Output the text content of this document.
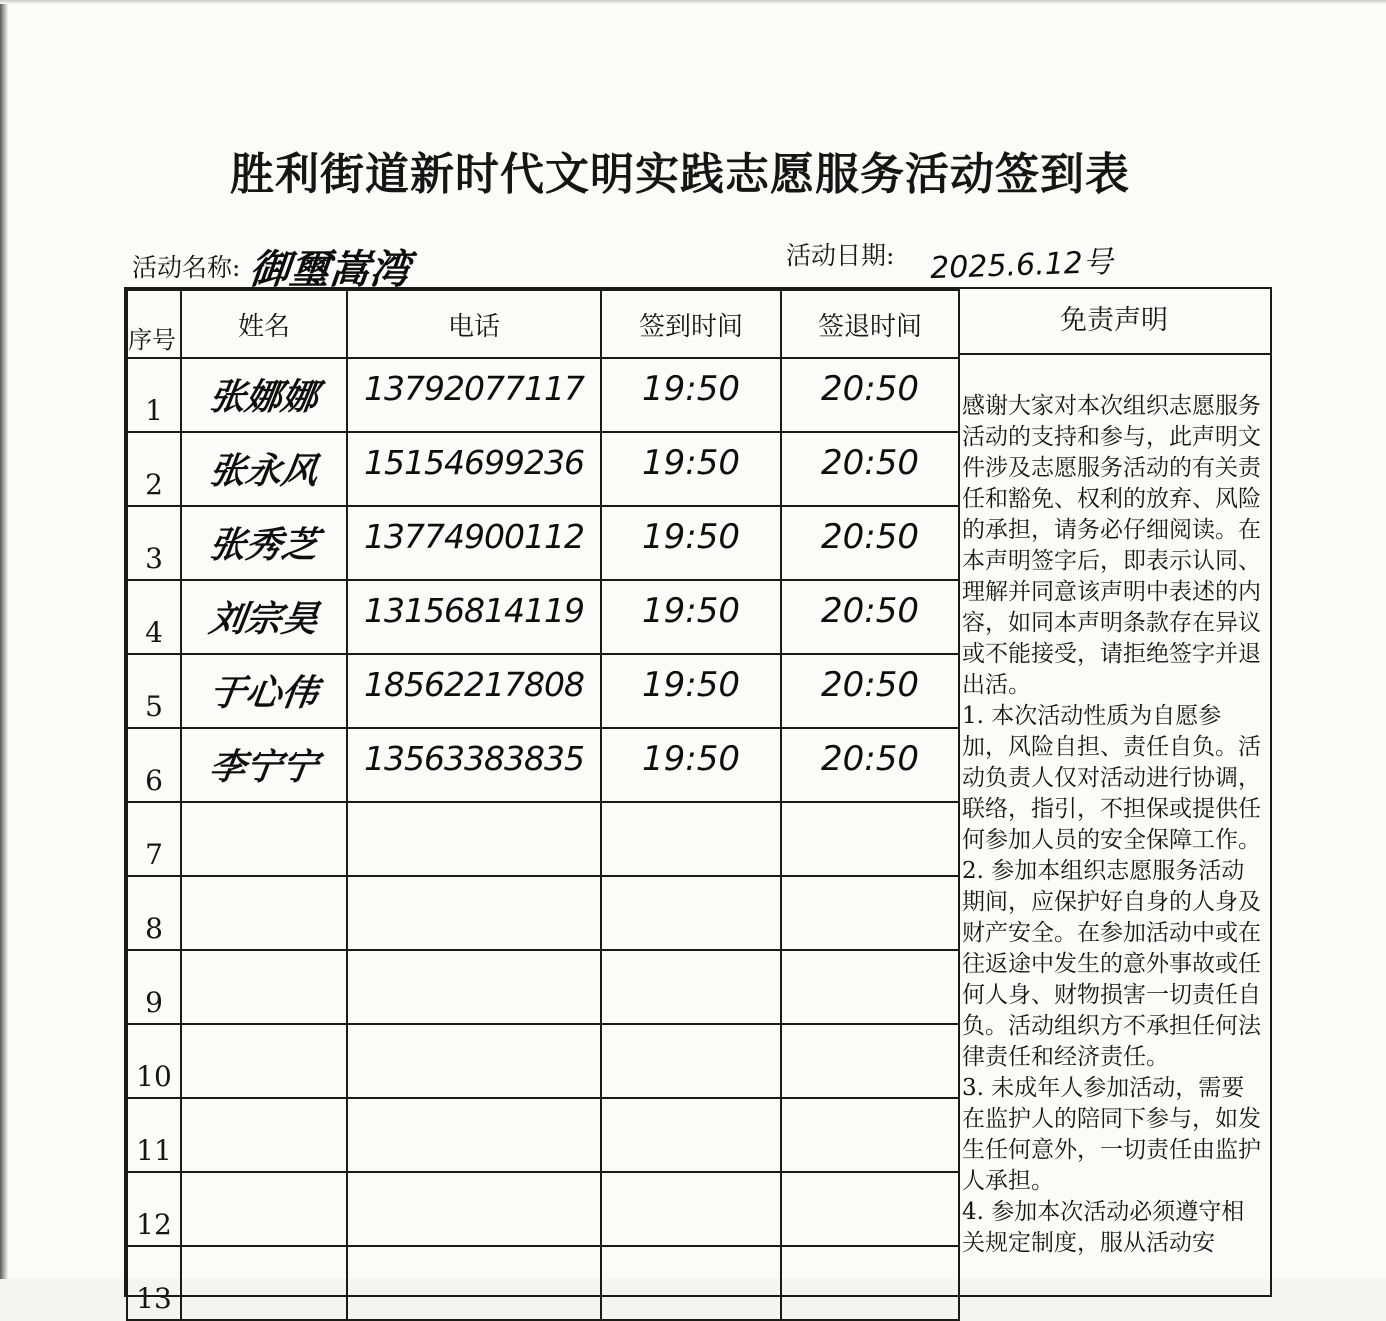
胜利街道新时代文明实践志愿服务活动签到表
活动名称: 御璽嵩湾	活动日期: 2025.6.12号
序号	姓名	电话	签到时间	签退时间
1	张娜娜	13792077117	19:50	20:50

2	张永风	15154699236	19:50	20:50

3	张秀芝	13774900112	19:50	20:50

4	刘宗昊	13156814119	19:50	20:50

5	于心伟	18562217808	19:50	20:50

6	李宁宁	13563383835	19:50	20:50

7				
8				
9				
10				
11				
12				
13				
免责声明

感谢大家对本次组织志愿服务活动的支持和参与，此声明文件涉及志愿服务活动的有关责任和豁免、权利的放弃、风险的承担，请务必仔细阅读。在本声明签字后，即表示认同、理解并同意该声明中表述的内容，如同本声明条款存在异议或不能接受，请拒绝签字并退出活。

1. 本次活动性质为自愿参加，风险自担、责任自负。活动负责人仅对活动进行协调，联络，指引，不担保或提供任何参加人员的安全保障工作。　　2. 参加本组织志愿服务活动期间，应保护好自身的人身及财产安全。在参加活动中或在往返途中发生的意外事故或任何人身、财物损害一切责任自负。活动组织方不承担任何法律责任和经济责任。

3. 未成年人参加活动，需要在监护人的陪同下参与，如发生任何意外，一切责任由监护人承担。

4. 参加本次活动必须遵守相关规定制度，服从活动安
